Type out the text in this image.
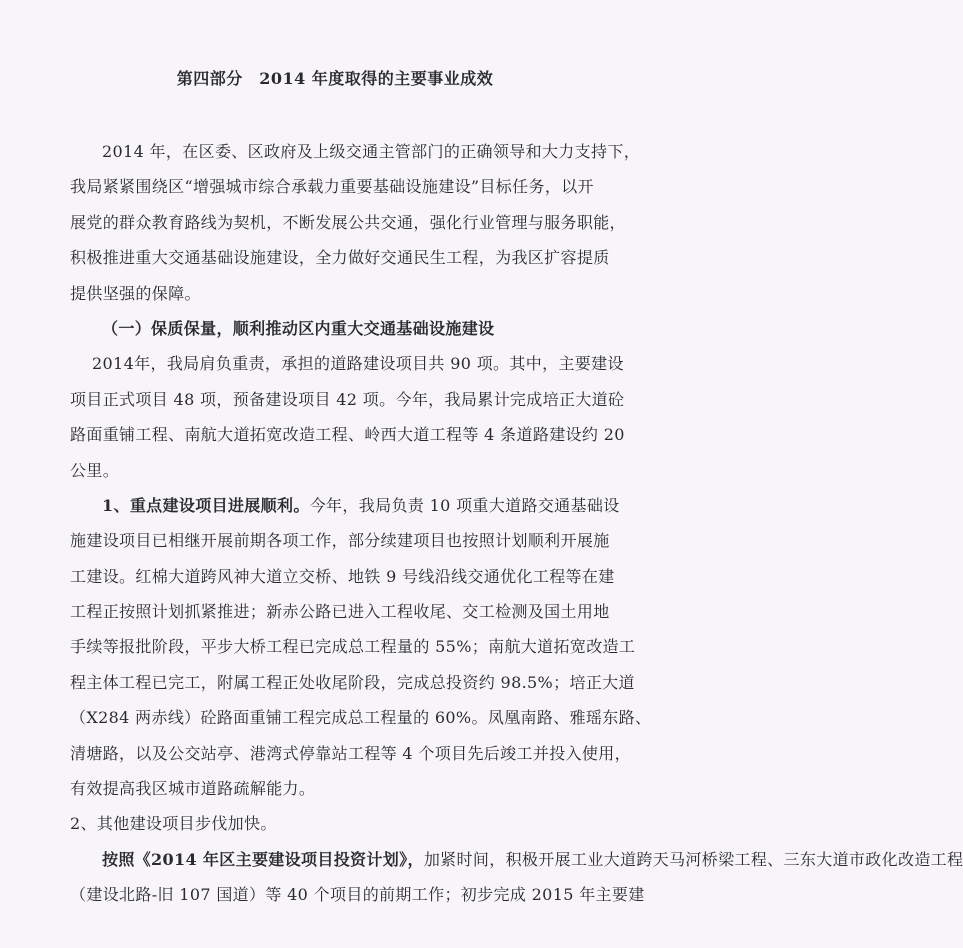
第四部分　2014 年度取得的主要事业成效
2014 年，在区委、区政府及上级交通主管部门的正确领导和大力支持下，
我局紧紧围绕区“增强城市综合承载力重要基础设施建设”目标任务，以开
展党的群众教育路线为契机，不断发展公共交通，强化行业管理与服务职能，
积极推进重大交通基础设施建设，全力做好交通民生工程，为我区扩容提质
提供坚强的保障。
（一）保质保量，顺利推动区内重大交通基础设施建设
2014年，我局肩负重责，承担的道路建设项目共 90 项。其中，主要建设
项目正式项目 48 项，预备建设项目 42 项。今年，我局累计完成培正大道砼
路面重铺工程、南航大道拓宽改造工程、岭西大道工程等 4 条道路建设约 20
公里。
1、重点建设项目进展顺利。今年，我局负责 10 项重大道路交通基础设
施建设项目已相继开展前期各项工作，部分续建项目也按照计划顺利开展施
工建设。红棉大道跨风神大道立交桥、地铁 9 号线沿线交通优化工程等在建
工程正按照计划抓紧推进；新赤公路已进入工程收尾、交工检测及国土用地
手续等报批阶段，平步大桥工程已完成总工程量的 55%；南航大道拓宽改造工
程主体工程已完工，附属工程正处收尾阶段，完成总投资约 98.5%；培正大道
（X284 两赤线）砼路面重铺工程完成总工程量的 60%。凤凰南路、雅瑶东路、
清塘路，以及公交站亭、港湾式停靠站工程等 4 个项目先后竣工并投入使用，
有效提高我区城市道路疏解能力。
2、其他建设项目步伐加快。
按照《2014 年区主要建设项目投资计划》，加紧时间，积极开展工业大道跨天马河桥梁工程、三东大道市政化改造工程
（建设北路-旧 107 国道）等 40 个项目的前期工作；初步完成 2015 年主要建
